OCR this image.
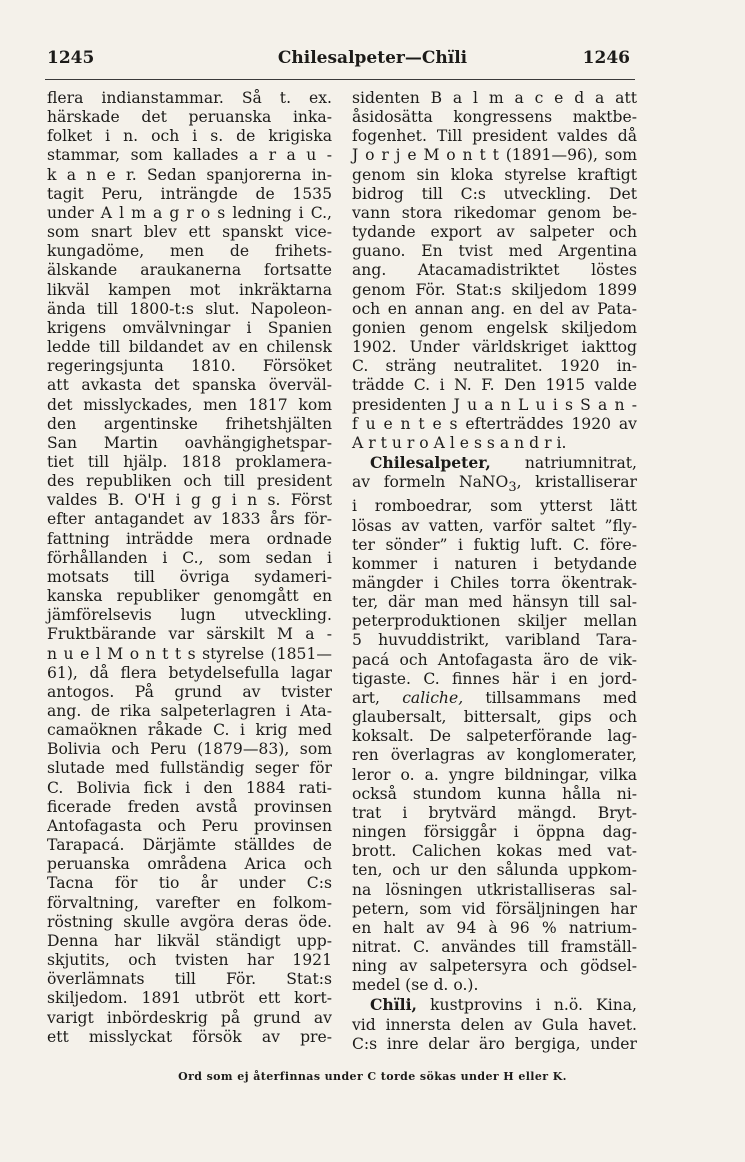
1245	Chilesalpeter—Chïli	1246
flera indianstammar. Så t. ex.
härskade det peruanska inka-
folket i n. och i s. de krigiska
stammar, som kallades a r a u -
k a n e r. Sedan spanjorerna in-
tagit Peru, inträngde de 1535
under A l m a g r o s ledning i C.,
som snart blev ett spanskt vice-
kungadöme, men de frihets-
älskande araukanerna fortsatte
likväl kampen mot inkräktarna
ända till 1800-t:s slut. Napoleon-
krigens omvälvningar i Spanien
ledde till bildandet av en chilensk
regeringsjunta 1810. Försöket
att avkasta det spanska överväl-
det misslyckades, men 1817 kom
den argentinske frihetshjälten
San Martin oavhängighetspar-
tiet till hjälp. 1818 proklamera-
des republiken och till president
valdes B. O'H i g g i n s. Först
efter antagandet av 1833 års för-
fattning inträdde mera ordnade
förhållanden i C., som sedan i
motsats till övriga sydameri-
kanska republiker genomgått en
jämförelsevis lugn utveckling.
Fruktbärande var särskilt M a -
n u e l M o n t t s styrelse (1851—
61), då flera betydelsefulla lagar
antogos. På grund av tvister
ang. de rika salpeterlagren i Ata-
camaöknen råkade C. i krig med
Bolivia och Peru (1879—83), som
slutade med fullständig seger för
C. Bolivia fick i den 1884 rati-
ficerade freden avstå provinsen
Antofagasta och Peru provinsen
Tarapacá. Därjämte ställdes de
peruanska områdena Arica och
Tacna för tio år under C:s
förvaltning, varefter en folkom-
röstning skulle avgöra deras öde.
Denna har likväl ständigt upp-
skjutits, och tvisten har 1921
överlämnats till För. Stat:s
skiljedom. 1891 utbröt ett kort-
varigt inbördeskrig på grund av
ett misslyckat försök av pre-
sidenten B a l m a c e d a att
åsidosätta kongressens maktbe-
fogenhet. Till president valdes då
J o r j e M o n t t (1891—96), som
genom sin kloka styrelse kraftigt
bidrog till C:s utveckling. Det
vann stora rikedomar genom be-
tydande export av salpeter och
guano. En tvist med Argentina
ang. Atacamadistriktet löstes
genom För. Stat:s skiljedom 1899
och en annan ang. en del av Pata-
gonien genom engelsk skiljedom
1902. Under världskriget iakttog
C. sträng neutralitet. 1920 in-
trädde C. i N. F. Den 1915 valde
presidenten J u a n L u i s S a n -
f u e n t e s efterträddes 1920 av
A r t u r o A l e s s a n d r i.
Chilesalpeter, natriumnitrat,
av formeln NaNO$_3$, kristalliserar
i romboedrar, som ytterst lätt
lösas av vatten, varför saltet ”fly-
ter sönder” i fuktig luft. C. före-
kommer i naturen i betydande
mängder i Chiles torra ökentrak-
ter, där man med hänsyn till sal-
peterproduktionen skiljer mellan
5 huvuddistrikt, varibland Tara-
pacá och Antofagasta äro de vik-
tigaste. C. finnes här i en jord-
art, caliche, tillsammans med
glaubersalt, bittersalt, gips och
koksalt. De salpeterförande lag-
ren överlagras av konglomerater,
leror o. a. yngre bildningar, vilka
också stundom kunna hålla ni-
trat i brytvärd mängd. Bryt-
ningen försiggår i öppna dag-
brott. Calichen kokas med vat-
ten, och ur den sålunda uppkom-
na lösningen utkristalliseras sal-
petern, som vid försäljningen har
en halt av 94 à 96 % natrium-
nitrat. C. användes till framställ-
ning av salpetersyra och gödsel-
medel (se d. o.).
Chïli, kustprovins i n.ö. Kina,
vid innersta delen av Gula havet.
C:s inre delar äro bergiga, under
Ord som ej återfinnas under C torde sökas under H eller K.
